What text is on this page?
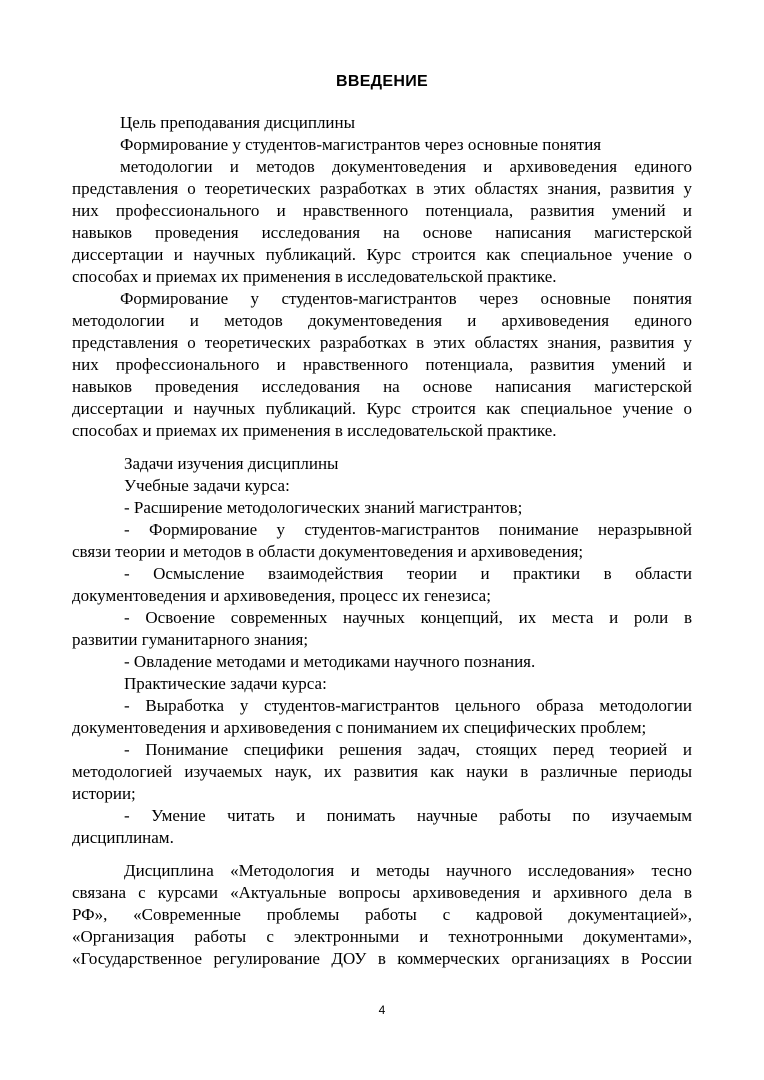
ВВЕДЕНИЕ
Цель преподавания дисциплины
Формирование у студентов-магистрантов через основные понятия
методологии и методов документоведения и архивоведения единого
представления о теоретических разработках в этих областях знания, развития у
них профессионального и нравственного потенциала, развития умений и
навыков проведения исследования на основе написания магистерской
диссертации и научных публикаций. Курс строится как специальное учение о
способах и приемах их применения в исследовательской практике.
Формирование у студентов-магистрантов через основные понятия
методологии и методов документоведения и архивоведения единого
представления о теоретических разработках в этих областях знания, развития у
них профессионального и нравственного потенциала, развития умений и
навыков проведения исследования на основе написания магистерской
диссертации и научных публикаций. Курс строится как специальное учение о
способах и приемах их применения в исследовательской практике.
Задачи изучения дисциплины
Учебные задачи курса:
- Расширение методологических знаний магистрантов;
- Формирование у студентов-магистрантов понимание неразрывной
связи теории и методов в области документоведения и архивоведения;
- Осмысление взаимодействия теории и практики в области
документоведения и архивоведения, процесс их генезиса;
- Освоение современных научных концепций, их места и роли в
развитии гуманитарного знания;
- Овладение методами и методиками научного познания.
Практические задачи курса:
- Выработка у студентов-магистрантов цельного образа методологии
документоведения и архивоведения с пониманием их специфических проблем;
- Понимание специфики решения задач, стоящих перед теорией и
методологией изучаемых наук, их развития как науки в различные периоды
истории;
- Умение читать и понимать научные работы по изучаемым
дисциплинам.
Дисциплина «Методология и методы научного исследования» тесно
связана с курсами «Актуальные вопросы архивоведения и архивного дела в
РФ», «Современные проблемы работы с кадровой документацией»,
«Организация работы с электронными и технотронными документами»,
«Государственное регулирование ДОУ в коммерческих организациях в России
4
